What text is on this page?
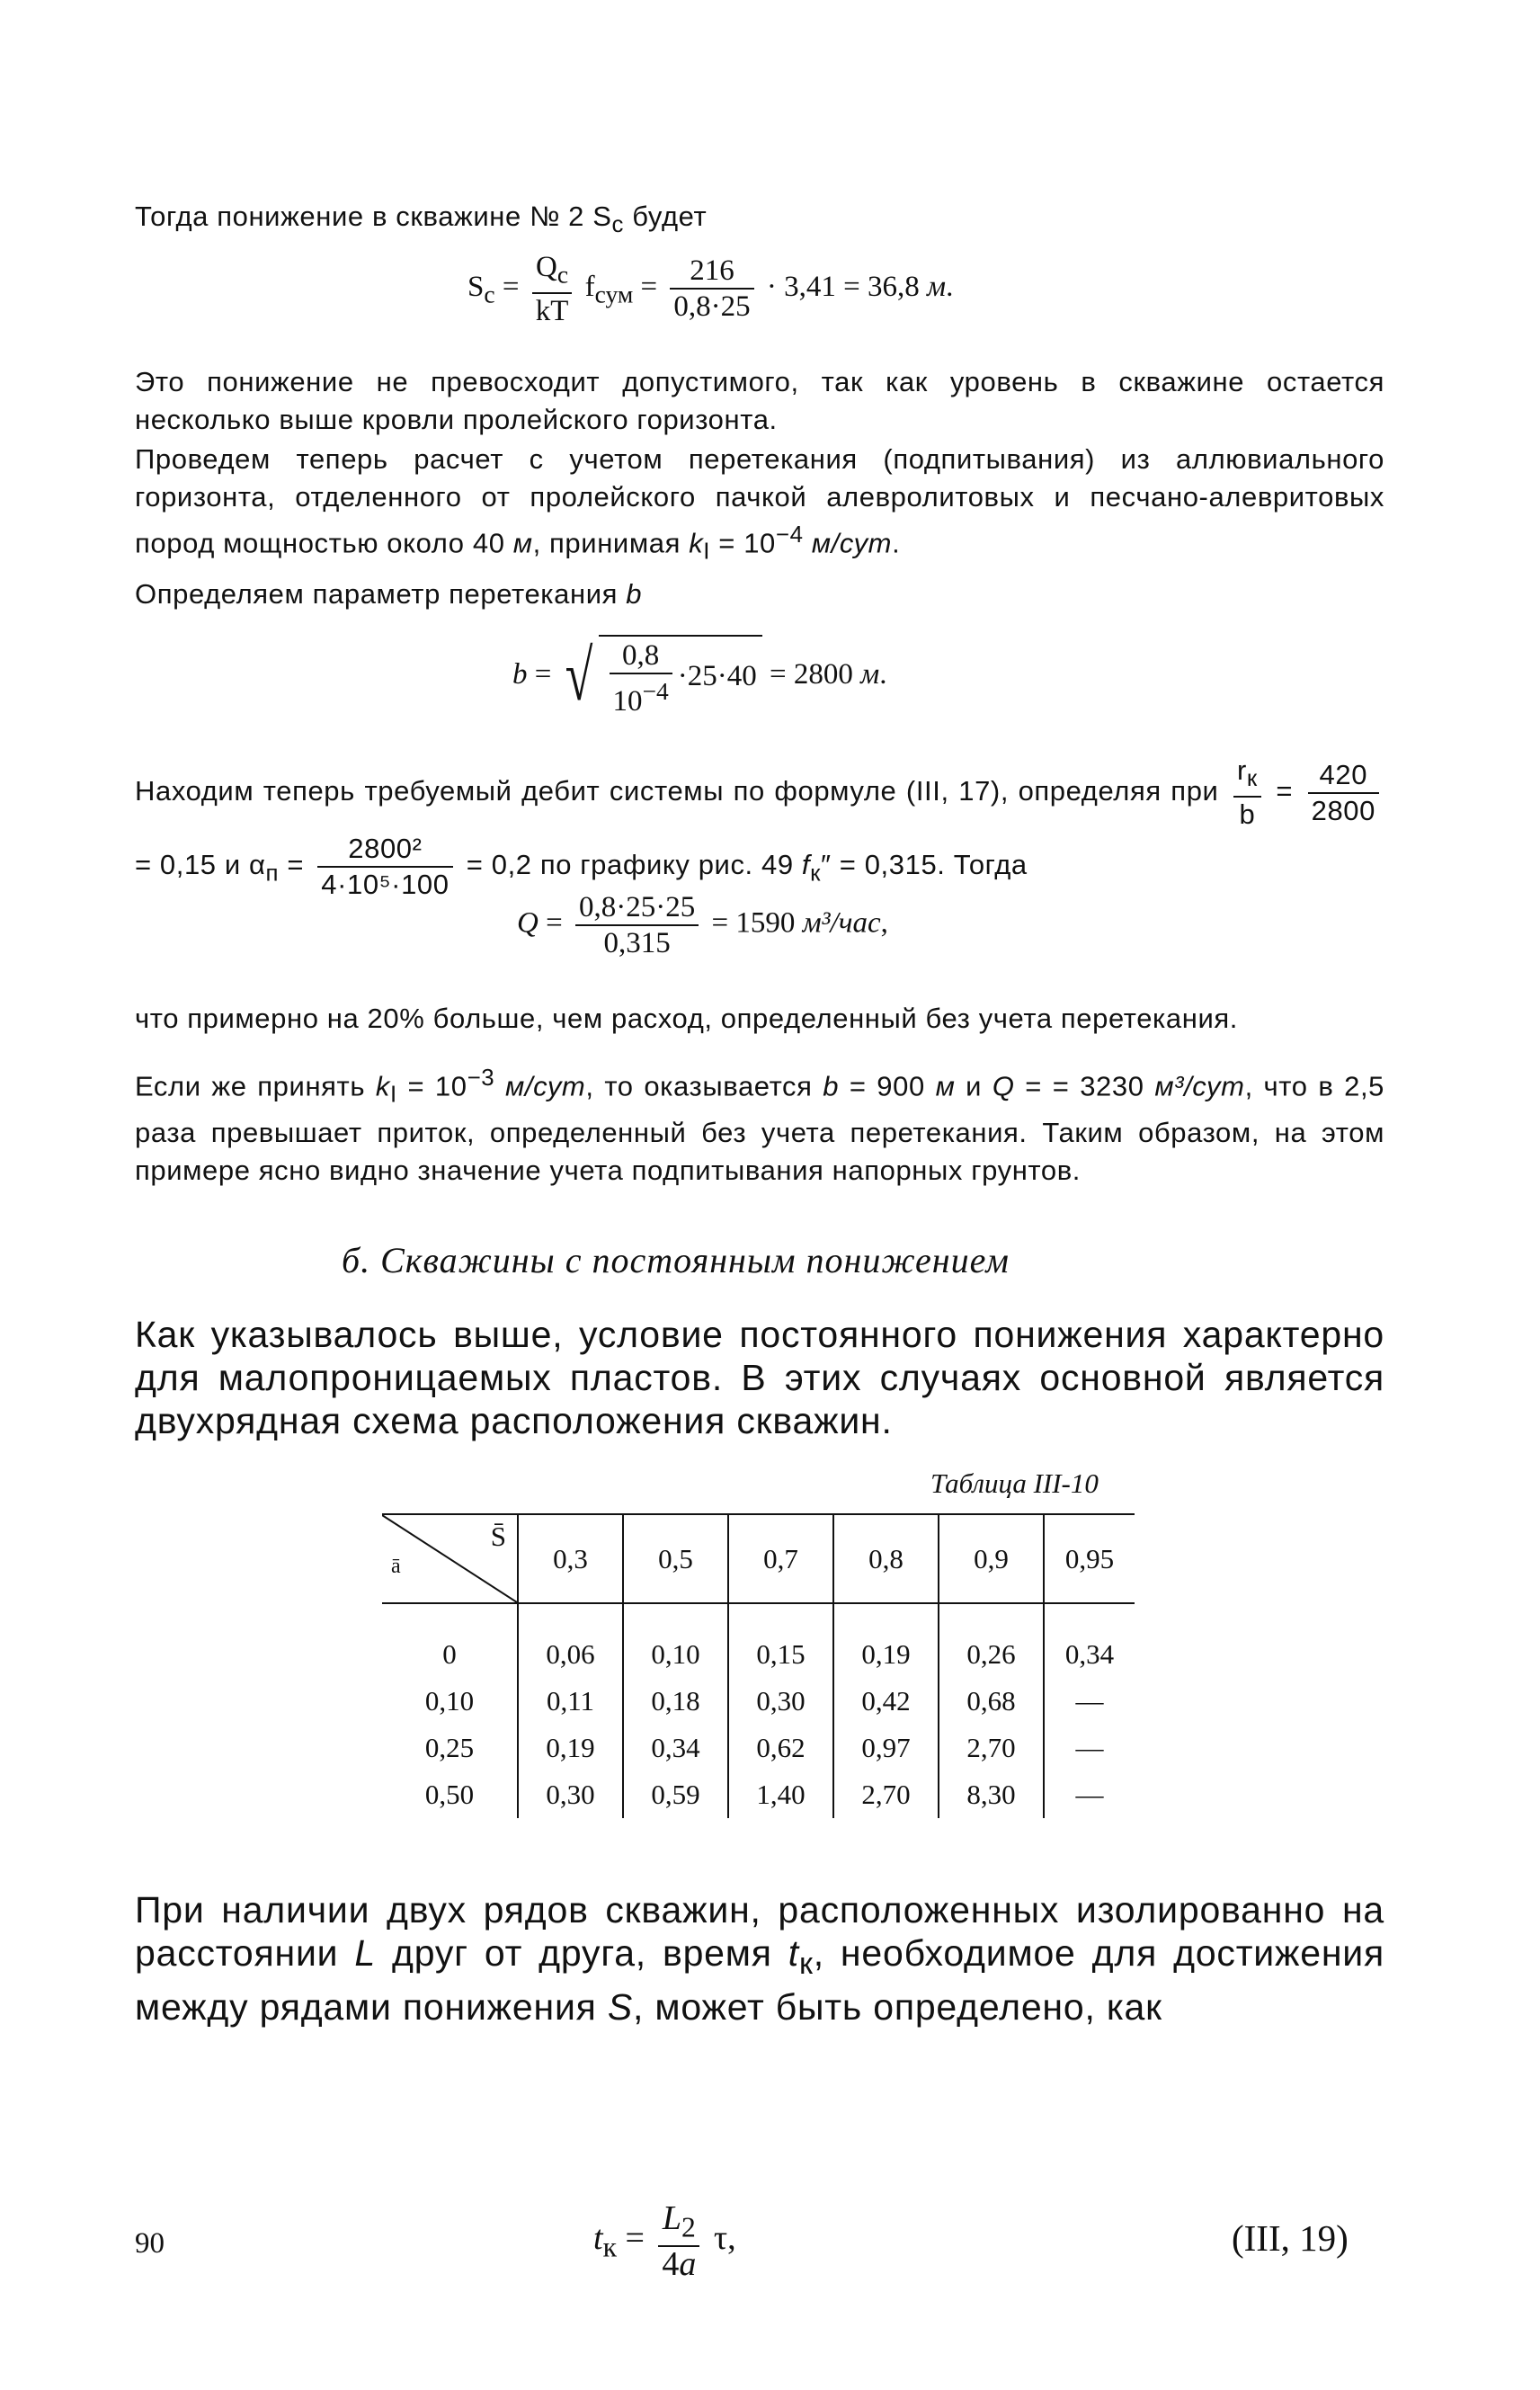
Тогда понижение в скважине № 2 $S_c$ будет
$S_c = \frac{Q_c}{kT} f_{сум} = \frac{216}{0,8\cdot 25} \cdot 3,41 = 36,8$ м.
Это понижение не превосходит допустимого, так как уровень в скважине остается несколько выше кровли пролейского горизонта.
Проведем теперь расчет с учетом перетекания (подпитывания) из аллювиального горизонта, отделенного от пролейского пачкой алевролитовых и песчано-алевритовых пород мощностью около 40 м, принимая $k_I = 10^{-4}$ м/сут.
Определяем параметр перетекания b
b = √ $\frac{0,8}{10^{-4}} \cdot 25\cdot 40 = 2800$ м.
Находим теперь требуемый дебит системы по формуле (III, 17), определяя при $\frac{r_к}{b} = \frac{420}{2800}$
= 0,15 и $\alpha_п = \frac{\text{2800²}}{\text{4·10⁵·100}} = 0,2$ по графику рис. 49 $f_к'' = 0,315$. Тогда
$Q = \frac{0,8\cdot 25\cdot 25}{0,315} = 1590$ м³/час,
что примерно на 20% больше, чем расход, определенный без учета перетекания.
Если же принять $k_I = 10^{-3}$ м/сут, то оказывается b = 900 м и Q = = 3230 м³/сут, что в 2,5 раза превышает приток, определенный без учета перетекания. Таким образом, на этом примере ясно видно значение учета подпитывания напорных грунтов.
б. Скважины с постоянным понижением
Как указывалось выше, условие постоянного понижения характерно для малопроницаемых пластов. В этих случаях основной является двухрядная схема расположения скважин.
Таблица III-10
S̄
ā	0,3	0,5	0,7	0,8	0,9	0,95
0	0,06	0,10	0,15	0,19	0,26	0,34
0,10	0,11	0,18	0,30	0,42	0,68	—
0,25	0,19	0,34	0,62	0,97	2,70	—
0,50	0,30	0,59	1,40	2,70	8,30	—
При наличии двух рядов скважин, расположенных изолированно на расстоянии L друг от друга, время $t_к$, необходимое для достижения между рядами понижения S, может быть определено, как
90	$t_к = \frac{L_2}{4a} \tau$,	(III, 19)
